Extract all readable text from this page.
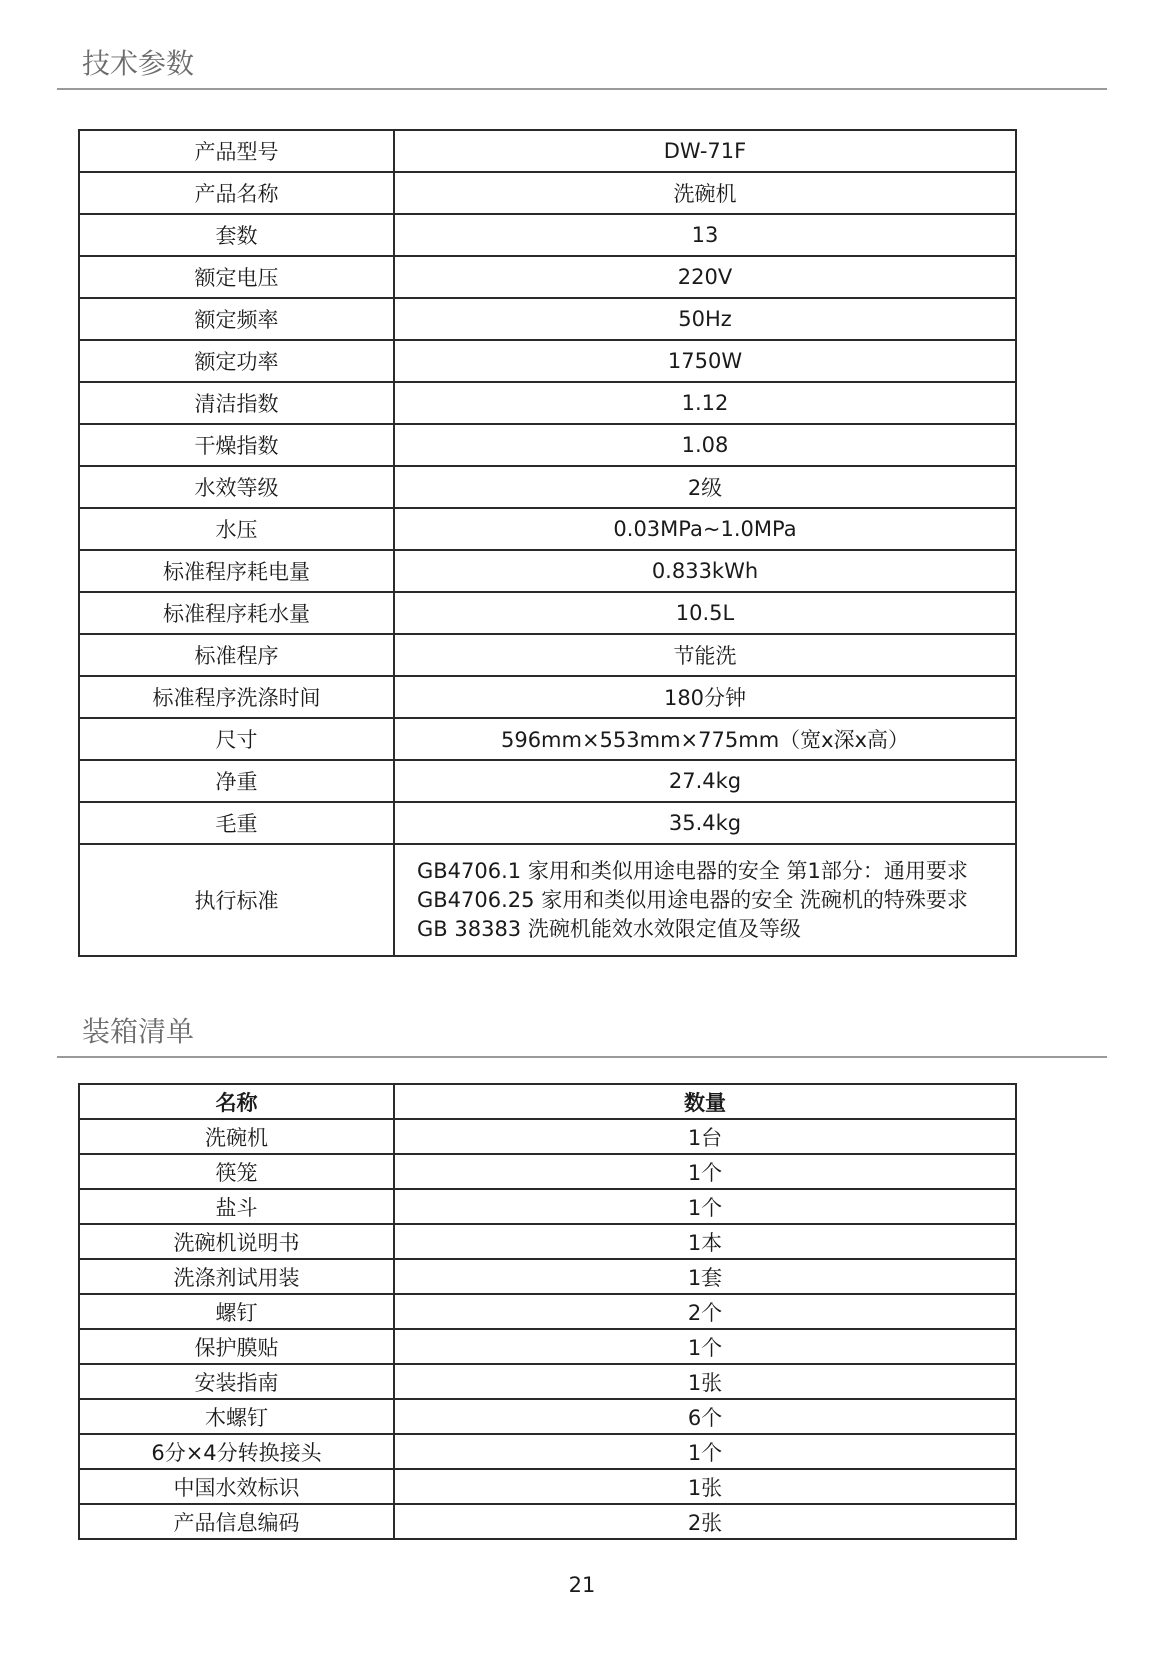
技术参数
产品型号	DW-71F
产品名称	洗碗机
套数	13
额定电压	220V
额定频率	50Hz
额定功率	1750W
清洁指数	1.12
干燥指数	1.08
水效等级	2级
水压	0.03MPa~1.0MPa
标准程序耗电量	0.833kWh
标准程序耗水量	10.5L
标准程序	节能洗
标准程序洗涤时间	180分钟
尺寸	596mm×553mm×775mm（宽x深x高）
净重	27.4kg
毛重	35.4kg
执行标准	GB4706.1 家用和类似用途电器的安全 第1部分：通用要求
GB4706.25 家用和类似用途电器的安全 洗碗机的特殊要求
GB 38383 洗碗机能效水效限定值及等级
装箱清单
名称	数量
洗碗机	1台
筷笼	1个
盐斗	1个
洗碗机说明书	1本
洗涤剂试用装	1套
螺钉	2个
保护膜贴	1个
安装指南	1张
木螺钉	6个
6分×4分转换接头	1个
中国水效标识	1张
产品信息编码	2张
21
